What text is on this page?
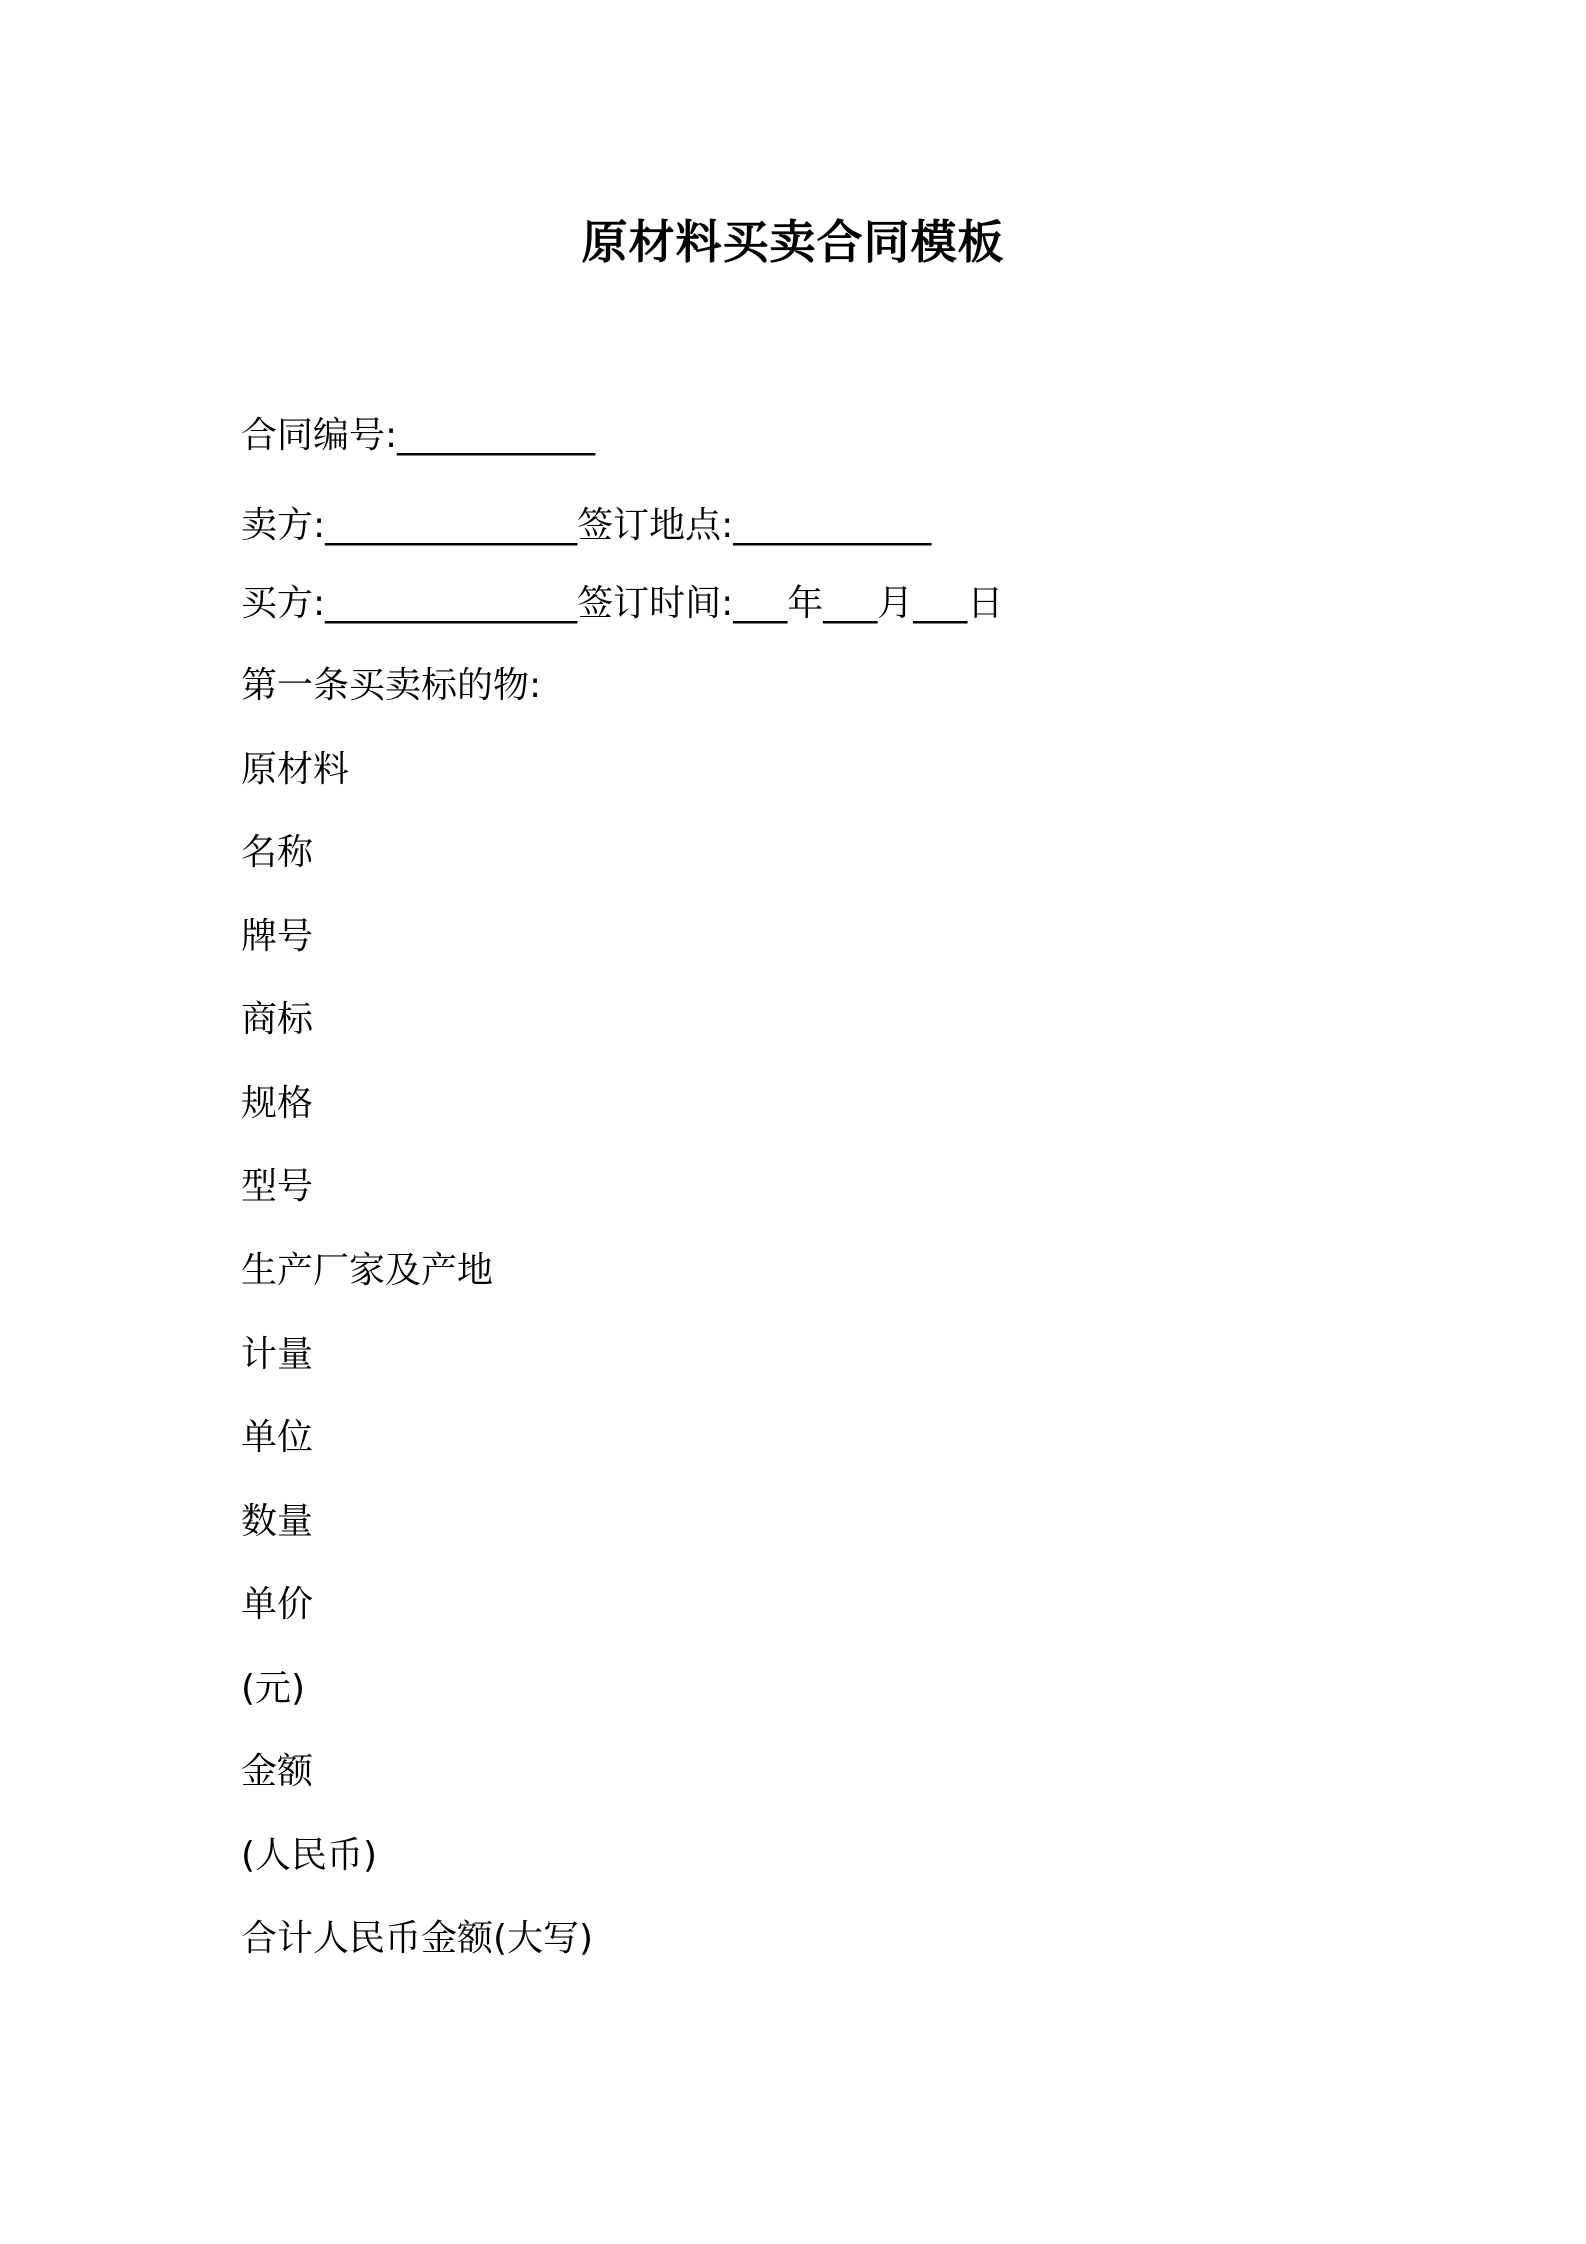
原材料买卖合同模板
合同编号:___________
卖方:______________签订地点:___________
买方:______________签订时间:___年___月___日
第一条买卖标的物:
原材料
名称
牌号
商标
规格
型号
生产厂家及产地
计量
单位
数量
单价
(元)
金额
(人民币)
合计人民币金额(大写)
